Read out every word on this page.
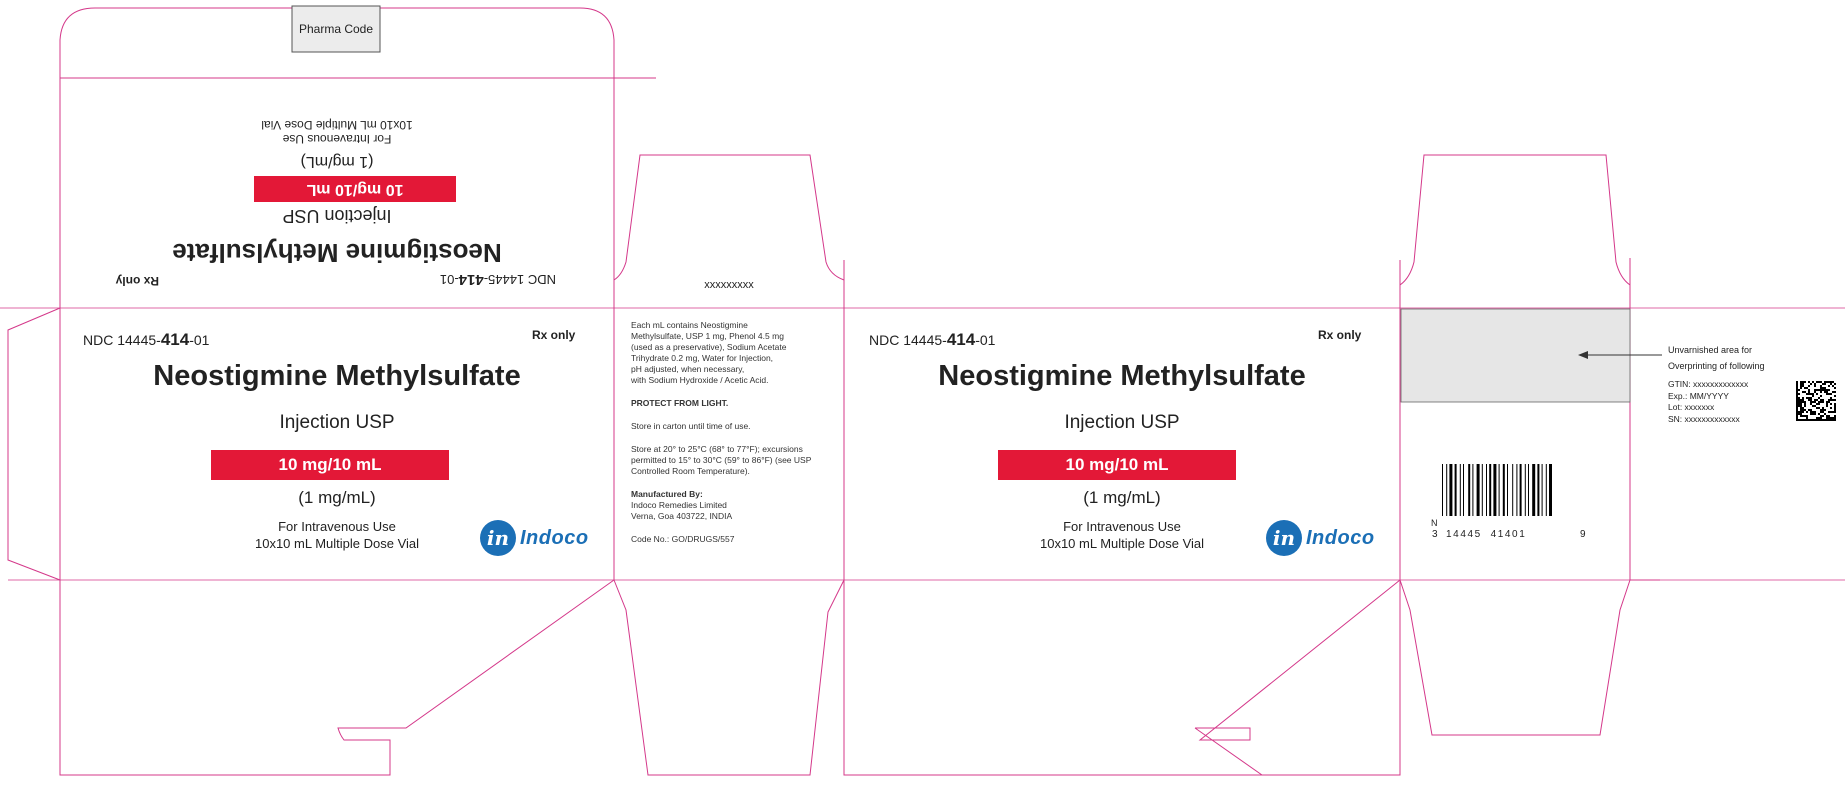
Pharma Code
NDC 14445-414-01
Rx only
Neostigmine Methylsulfate
Injection USP
10 mg/10 mL
(1 mg/mL)
For Intravenous Use
10x10 mL Multiple Dose Vial
NDC 14445-414-01	Rx only
Neostigmine Methylsulfate
Injection USP
10 mg/10 mL
(1 mg/mL)
For Intravenous Use
10x10 mL Multiple Dose Vial	in Indoco
xxxxxxxxx
Each mL contains Neostigmine
Methylsulfate, USP 1 mg, Phenol 4.5 mg
(used as a preservative), Sodium Acetate
Trihydrate 0.2 mg, Water for Injection,
pH adjusted, when necessary,
with Sodium Hydroxide / Acetic Acid.
PROTECT FROM LIGHT.
Store in carton until time of use.
Store at 20° to 25°C (68° to 77°F); excursions
permitted to 15° to 30°C (59° to 86°F) (see USP
Controlled Room Temperature).
Manufactured By:
Indoco Remedies Limited
Verna, Goa 403722, INDIA
Code No.: GO/DRUGS/557
NDC 14445-414-01	Rx only
Neostigmine Methylsulfate
Injection USP
10 mg/10 mL
(1 mg/mL)
For Intravenous Use
10x10 mL Multiple Dose Vial	in Indoco
N
3 14445  41401	9
Unvarnished area for
Overprinting of following
GTIN: xxxxxxxxxxxxx
Exp.: MM/YYYY
Lot: xxxxxxx
SN: xxxxxxxxxxxxx
